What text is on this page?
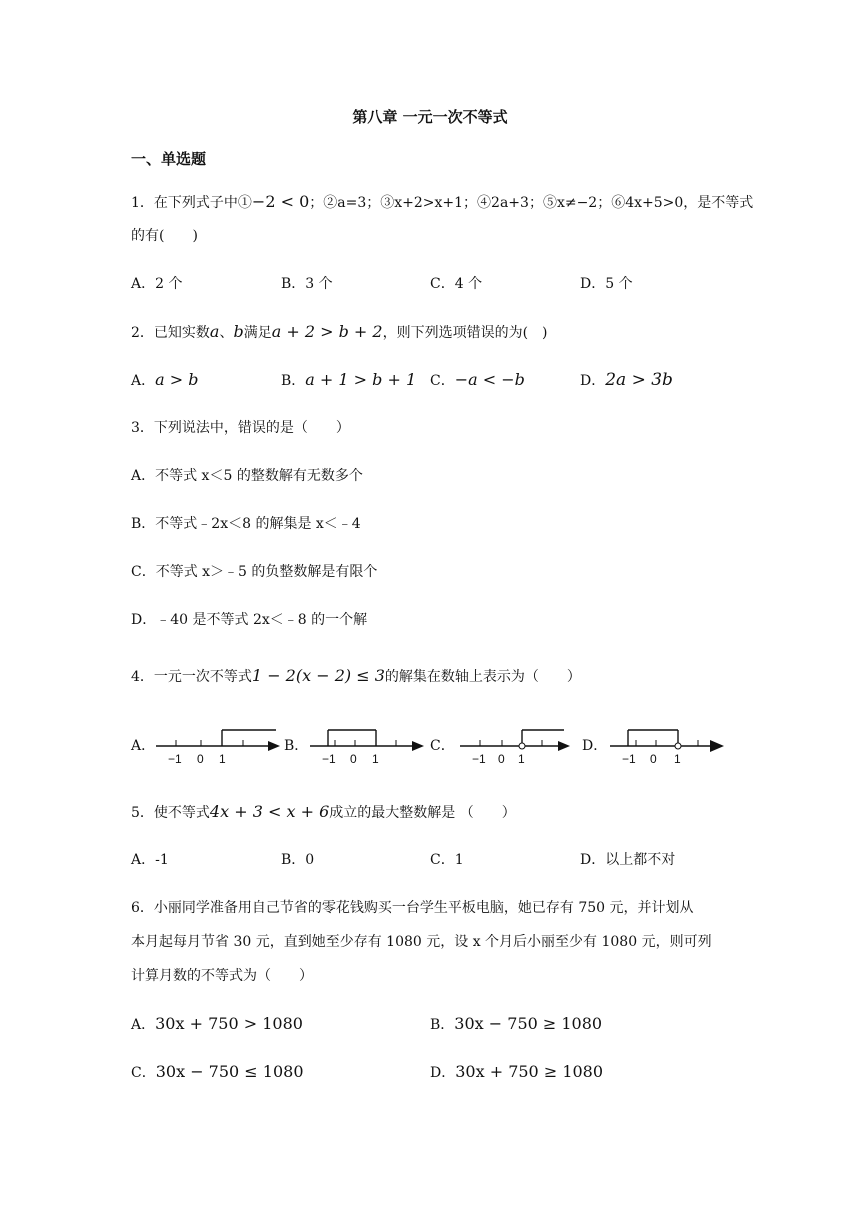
第八章 一元一次不等式
一、单选题
1．在下列式子中①−2 < 0；②a=3；③x+2>x+1；④2a+3；⑤x≠−2；⑥4x+5>0，是不等式
的有(　　)
A．2 个	B．3 个	C．4 个	D．5 个
2．已知实数a、b满足a + 2 > b + 2，则下列选项错误的为(　)
A．a > b	B．a + 1 > b + 1 C．−a < −b	D．2a > 3b
3．下列说法中，错误的是（　　）
A．不等式 x＜5 的整数解有无数多个
B．不等式﹣2x＜8 的解集是 x＜﹣4
C．不等式 x＞﹣5 的负整数解是有限个
D．﹣40 是不等式 2x＜﹣8 的一个解
4．一元一次不等式1 − 2(x − 2) ≤ 3的解集在数轴上表示为（　　）
A．
−1 0 1
B．
−1 0 1
C．
−1 0 1
D．
−1 0 1
5．使不等式4x + 3 < x + 6成立的最大整数解是 （　　）
A．-1	B．0	C．1	D．以上都不对
6．小丽同学准备用自己节省的零花钱购买一台学生平板电脑，她已存有 750 元，并计划从
本月起每月节省 30 元，直到她至少存有 1080 元，设 x 个月后小丽至少有 1080 元，则可列
计算月数的不等式为（　　）
A．30x + 750 > 1080	B．30x − 750 ≥ 1080
C．30x − 750 ≤ 1080	D．30x + 750 ≥ 1080
